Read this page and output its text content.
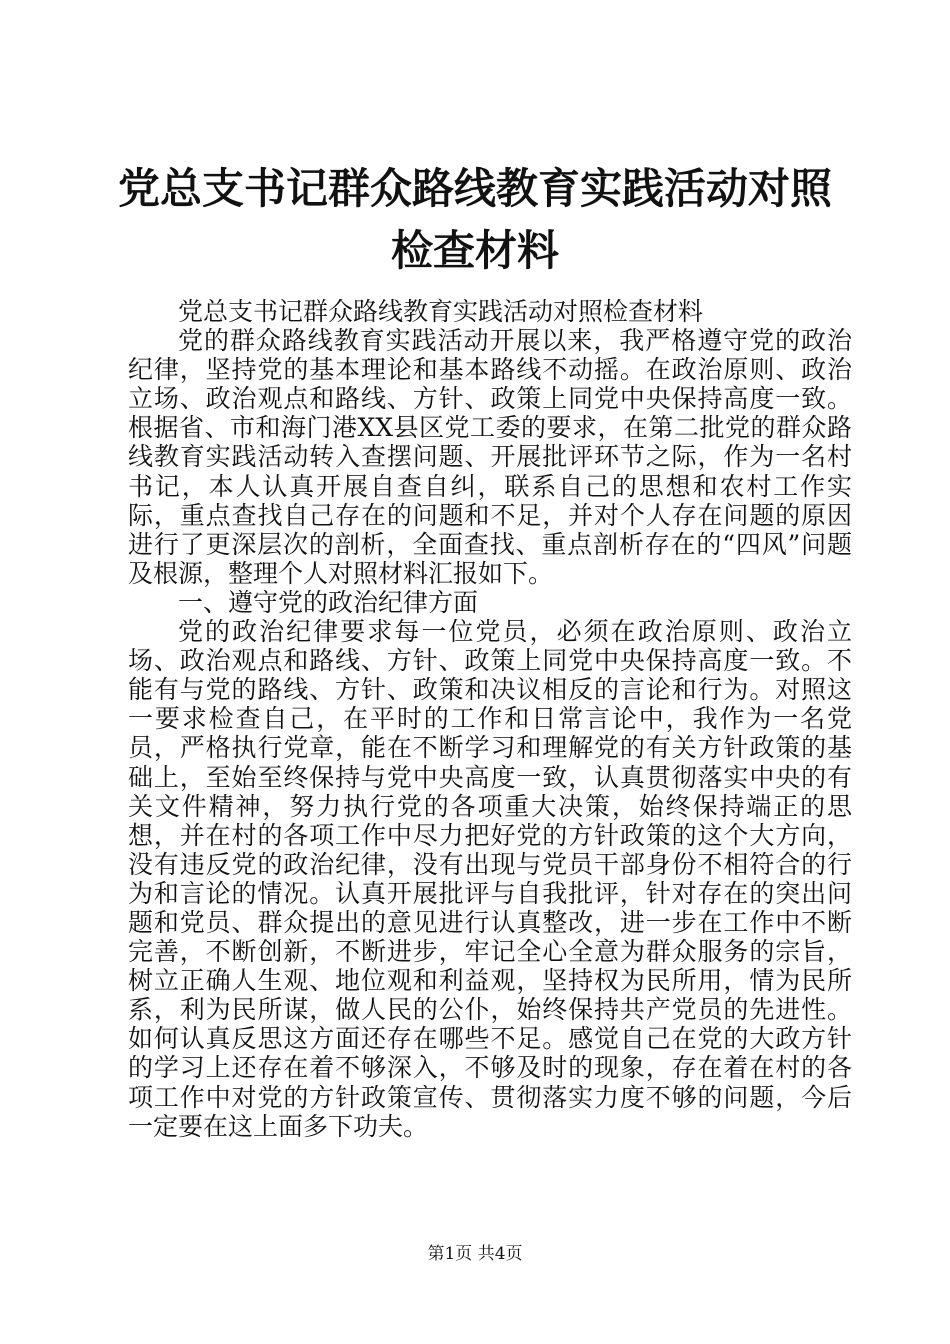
党总支书记群众路线教育实践活动对照检查材料

党总支书记群众路线教育实践活动对照检查材料

党的群众路线教育实践活动开展以来，我严格遵守党的政治纪律，坚持党的基本理论和基本路线不动摇。在政治原则、政治立场、政治观点和路线、方针、政策上同党中央保持高度一致。根据省、市和海门港XX县区党工委的要求，在第二批党的群众路线教育实践活动转入查摆问题、开展批评环节之际，作为一名村书记，本人认真开展自查自纠，联系自己的思想和农村工作实际，重点查找自己存在的问题和不足，并对个人存在问题的原因进行了更深层次的剖析，全面查找、重点剖析存在的“四风”问题及根源，整理个人对照材料汇报如下。

一、遵守党的政治纪律方面

党的政治纪律要求每一位党员，必须在政治原则、政治立场、政治观点和路线、方针、政策上同党中央保持高度一致。不能有与党的路线、方针、政策和决议相反的言论和行为。对照这一要求检查自己，在平时的工作和日常言论中，我作为一名党员，严格执行党章，能在不断学习和理解党的有关方针政策的基础上，至始至终保持与党中央高度一致，认真贯彻落实中央的有关文件精神，努力执行党的各项重大决策，始终保持端正的思想，并在村的各项工作中尽力把好党的方针政策的这个大方向，没有违反党的政治纪律，没有出现与党员干部身份不相符合的行为和言论的情况。认真开展批评与自我批评，针对存在的突出问题和党员、群众提出的意见进行认真整改，进一步在工作中不断完善，不断创新，不断进步，牢记全心全意为群众服务的宗旨，树立正确人生观、地位观和利益观，坚持权为民所用，情为民所系，利为民所谋，做人民的公仆，始终保持共产党员的先进性。如何认真反思这方面还存在哪些不足。感觉自己在党的大政方针的学习上还存在着不够深入，不够及时的现象，存在着在村的各项工作中对党的方针政策宣传、贯彻落实力度不够的问题，今后一定要在这上面多下功夫。

第1页 共4页
